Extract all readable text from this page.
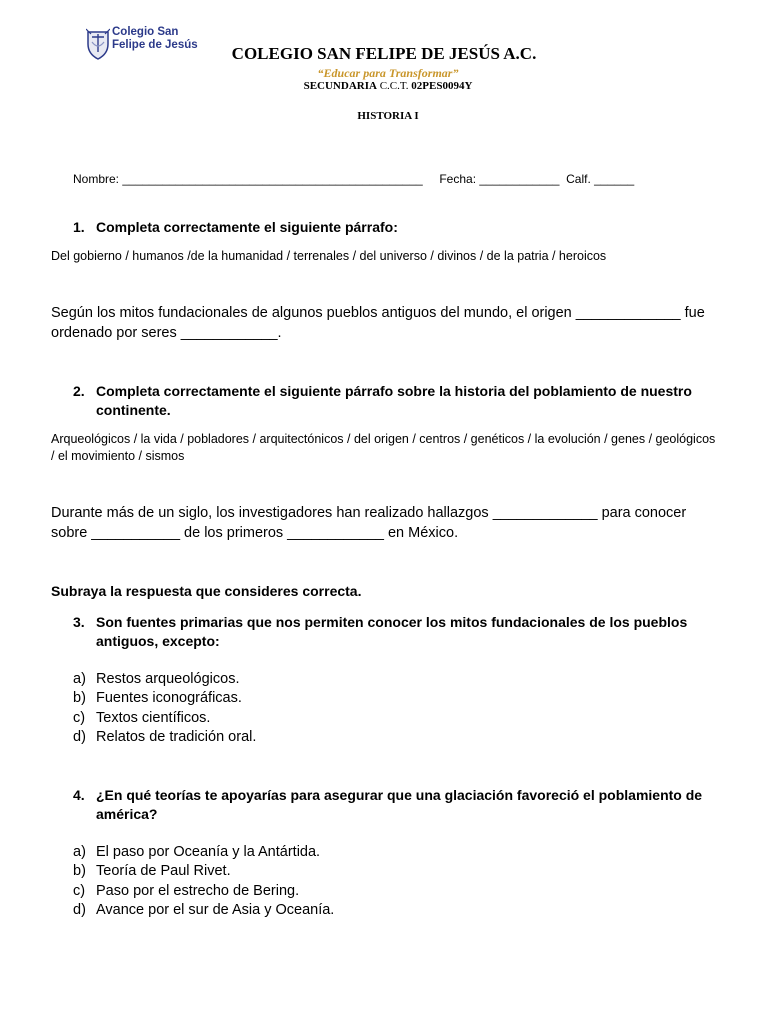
Colegio San
Felipe de Jesús	COLEGIO SAN FELIPE DE JESÚS A.C.
“Educar para Transformar”
SECUNDARIA C.C.T. 02PES0094Y
HISTORIA I
Nombre: _____________________________________________     Fecha: ____________  Calf. ______
1. Completa correctamente el siguiente párrafo:
Del gobierno / humanos /de la humanidad / terrenales / del universo / divinos / de la patria / heroicos
Según los mitos fundacionales de algunos pueblos antiguos del mundo, el origen _____________ fue ordenado por seres ____________.
2. Completa correctamente el siguiente párrafo sobre la historia del poblamiento de nuestro continente.
Arqueológicos / la vida / pobladores / arquitectónicos / del origen / centros / genéticos / la evolución / genes / geológicos / el movimiento / sismos
Durante más de un siglo, los investigadores han realizado hallazgos _____________ para conocer sobre ___________ de los primeros ____________ en México.
Subraya la respuesta que consideres correcta.
3. Son fuentes primarias que nos permiten conocer los mitos fundacionales de los pueblos antiguos, excepto:
a) Restos arqueológicos.
b) Fuentes iconográficas.
c) Textos científicos.
d) Relatos de tradición oral.
4. ¿En qué teorías te apoyarías para asegurar que una glaciación favoreció el poblamiento de américa?
a) El paso por Oceanía y la Antártida.
b) Teoría de Paul Rivet.
c) Paso por el estrecho de Bering.
d) Avance por el sur de Asia y Oceanía.
